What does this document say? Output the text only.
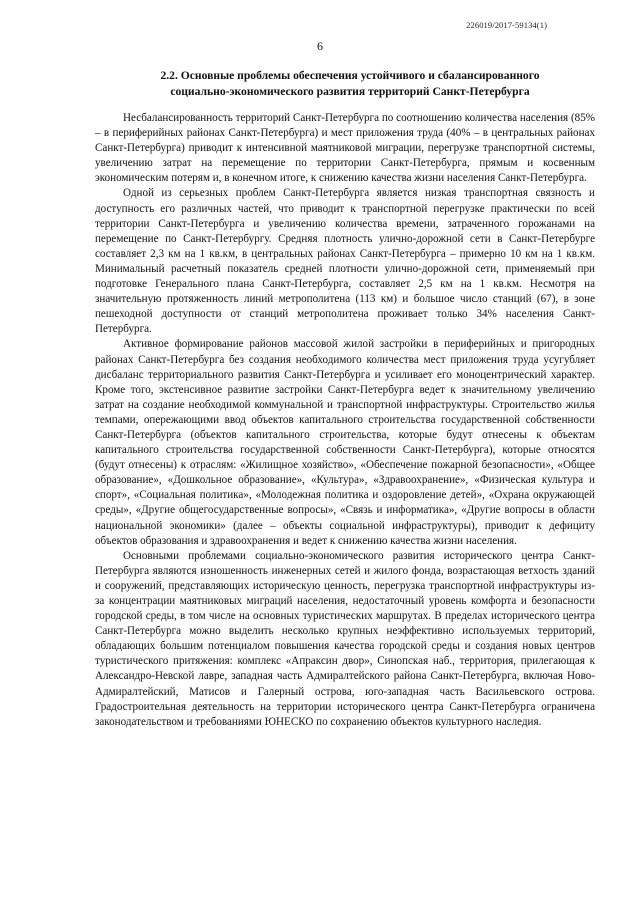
226019/2017-59134(1)
6
2.2. Основные проблемы обеспечения устойчивого и сбалансированного
социально-экономического развития территорий Санкт-Петербурга

Несбалансированность территорий Санкт-Петербурга по соотношению количества населения (85% – в периферийных районах Санкт-Петербурга) и мест приложения труда (40% – в центральных районах Санкт-Петербурга) приводит к интенсивной маятниковой миграции, перегрузке транспортной системы, увеличению затрат на перемещение по территории Санкт-Петербурга, прямым и косвенным экономическим потерям и, в конечном итоге, к снижению качества жизни населения Санкт-Петербурга.

Одной из серьезных проблем Санкт-Петербурга является низкая транспортная связность и доступность его различных частей, что приводит к транспортной перегрузке практически по всей территории Санкт-Петербурга и увеличению количества времени, затраченного горожанами на перемещение по Санкт-Петербургу. Средняя плотность улично-дорожной сети в Санкт-Петербурге составляет 2,3 км на 1 кв.км, в центральных районах Санкт-Петербурга – примерно 10 км на 1 кв.км. Минимальный расчетный показатель средней плотности улично-дорожной сети, применяемый при подготовке Генерального плана Санкт-Петербурга, составляет 2,5 км на 1 кв.км. Несмотря на значительную протяженность линий метрополитена (113 км) и большое число станций (67), в зоне пешеходной доступности от станций метрополитена проживает только 34% населения Санкт-Петербурга.

Активное формирование районов массовой жилой застройки в периферийных и пригородных районах Санкт-Петербурга без создания необходимого количества мест приложения труда усугубляет дисбаланс территориального развития Санкт-Петербурга и усиливает его моноцентрический характер. Кроме того, экстенсивное развитие застройки Санкт-Петербурга ведет к значительному увеличению затрат на создание необходимой коммунальной и транспортной инфраструктуры. Строительство жилья темпами, опережающими ввод объектов капитального строительства государственной собственности Санкт-Петербурга (объектов капитального строительства, которые будут отнесены к объектам капитального строительства государственной собственности Санкт-Петербурга), которые относятся (будут отнесены) к отраслям: «Жилищное хозяйство», «Обеспечение пожарной безопасности», «Общее образование», «Дошкольное образование», «Культура», «Здравоохранение», «Физическая культура и спорт», «Социальная политика», «Молодежная политика и оздоровление детей», «Охрана окружающей среды», «Другие общегосударственные вопросы», «Связь и информатика», «Другие вопросы в области национальной экономики» (далее – объекты социальной инфраструктуры), приводит к дефициту объектов образования и здравоохранения и ведет к снижению качества жизни населения.

Основными проблемами социально-экономического развития исторического центра Санкт-Петербурга являются изношенность инженерных сетей и жилого фонда, возрастающая ветхость зданий и сооружений, представляющих историческую ценность, перегрузка транспортной инфраструктуры из-за концентрации маятниковых миграций населения, недостаточный уровень комфорта и безопасности городской среды, в том числе на основных туристических маршрутах. В пределах исторического центра Санкт-Петербурга можно выделить несколько крупных неэффективно используемых территорий, обладающих большим потенциалом повышения качества городской среды и создания новых центров туристического притяжения: комплекс «Апраксин двор», Синопская наб., территория, прилегающая к Александро-Невской лавре, западная часть Адмиралтейского района Санкт-Петербурга, включая Ново-Адмиралтейский, Матисов и Галерный острова, юго-западная часть Васильевского острова. Градостроительная деятельность на территории исторического центра Санкт-Петербурга ограничена законодательством и требованиями ЮНЕСКО по сохранению объектов культурного наследия.
